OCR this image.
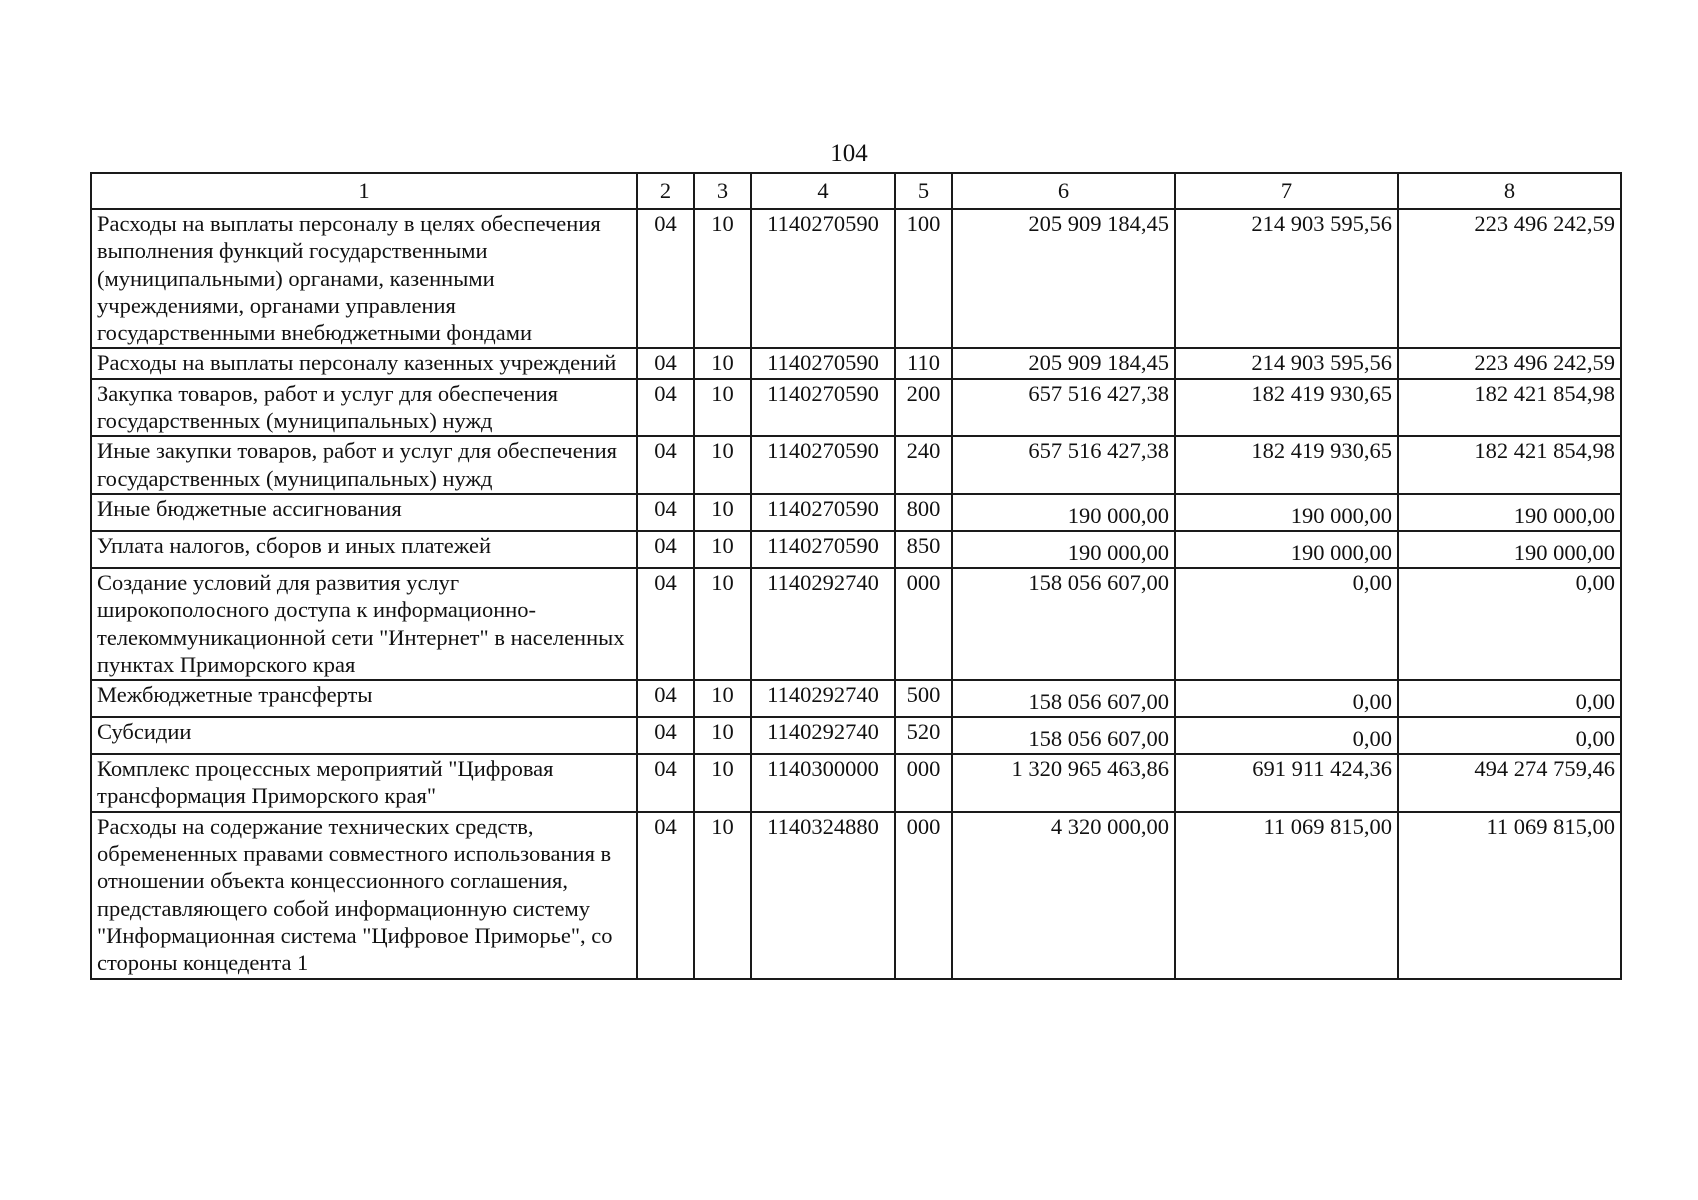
104
1	2	3	4	5	6	7	8
Расходы на выплаты персоналу в целях обеспечения выполнения функций государственными (муниципальными) органами, казенными учреждениями, органами управления государственными внебюджетными фондами	04	10	1140270590	100	205 909 184,45	214 903 595,56	223 496 242,59
Расходы на выплаты персоналу казенных учреждений	04	10	1140270590	110	205 909 184,45	214 903 595,56	223 496 242,59
Закупка товаров, работ и услуг для обеспечения государственных (муниципальных) нужд	04	10	1140270590	200	657 516 427,38	182 419 930,65	182 421 854,98
Иные закупки товаров, работ и услуг для обеспечения государственных (муниципальных) нужд	04	10	1140270590	240	657 516 427,38	182 419 930,65	182 421 854,98
Иные бюджетные ассигнования	04	10	1140270590	800	190 000,00	190 000,00	190 000,00
Уплата налогов, сборов и иных платежей	04	10	1140270590	850	190 000,00	190 000,00	190 000,00
Создание условий для развития услуг широкополосного доступа к информационно-телекоммуникационной сети "Интернет" в населенных пунктах Приморского края	04	10	1140292740	000	158 056 607,00	0,00	0,00
Межбюджетные трансферты	04	10	1140292740	500	158 056 607,00	0,00	0,00
Субсидии	04	10	1140292740	520	158 056 607,00	0,00	0,00
Комплекс процессных мероприятий "Цифровая трансформация Приморского края"	04	10	1140300000	000	1 320 965 463,86	691 911 424,36	494 274 759,46
Расходы на содержание технических средств, обремененных правами совместного использования в отношении объекта концессионного соглашения, представляющего собой информационную систему "Информационная система "Цифровое Приморье", со стороны концедента 1	04	10	1140324880	000	4 320 000,00	11 069 815,00	11 069 815,00
